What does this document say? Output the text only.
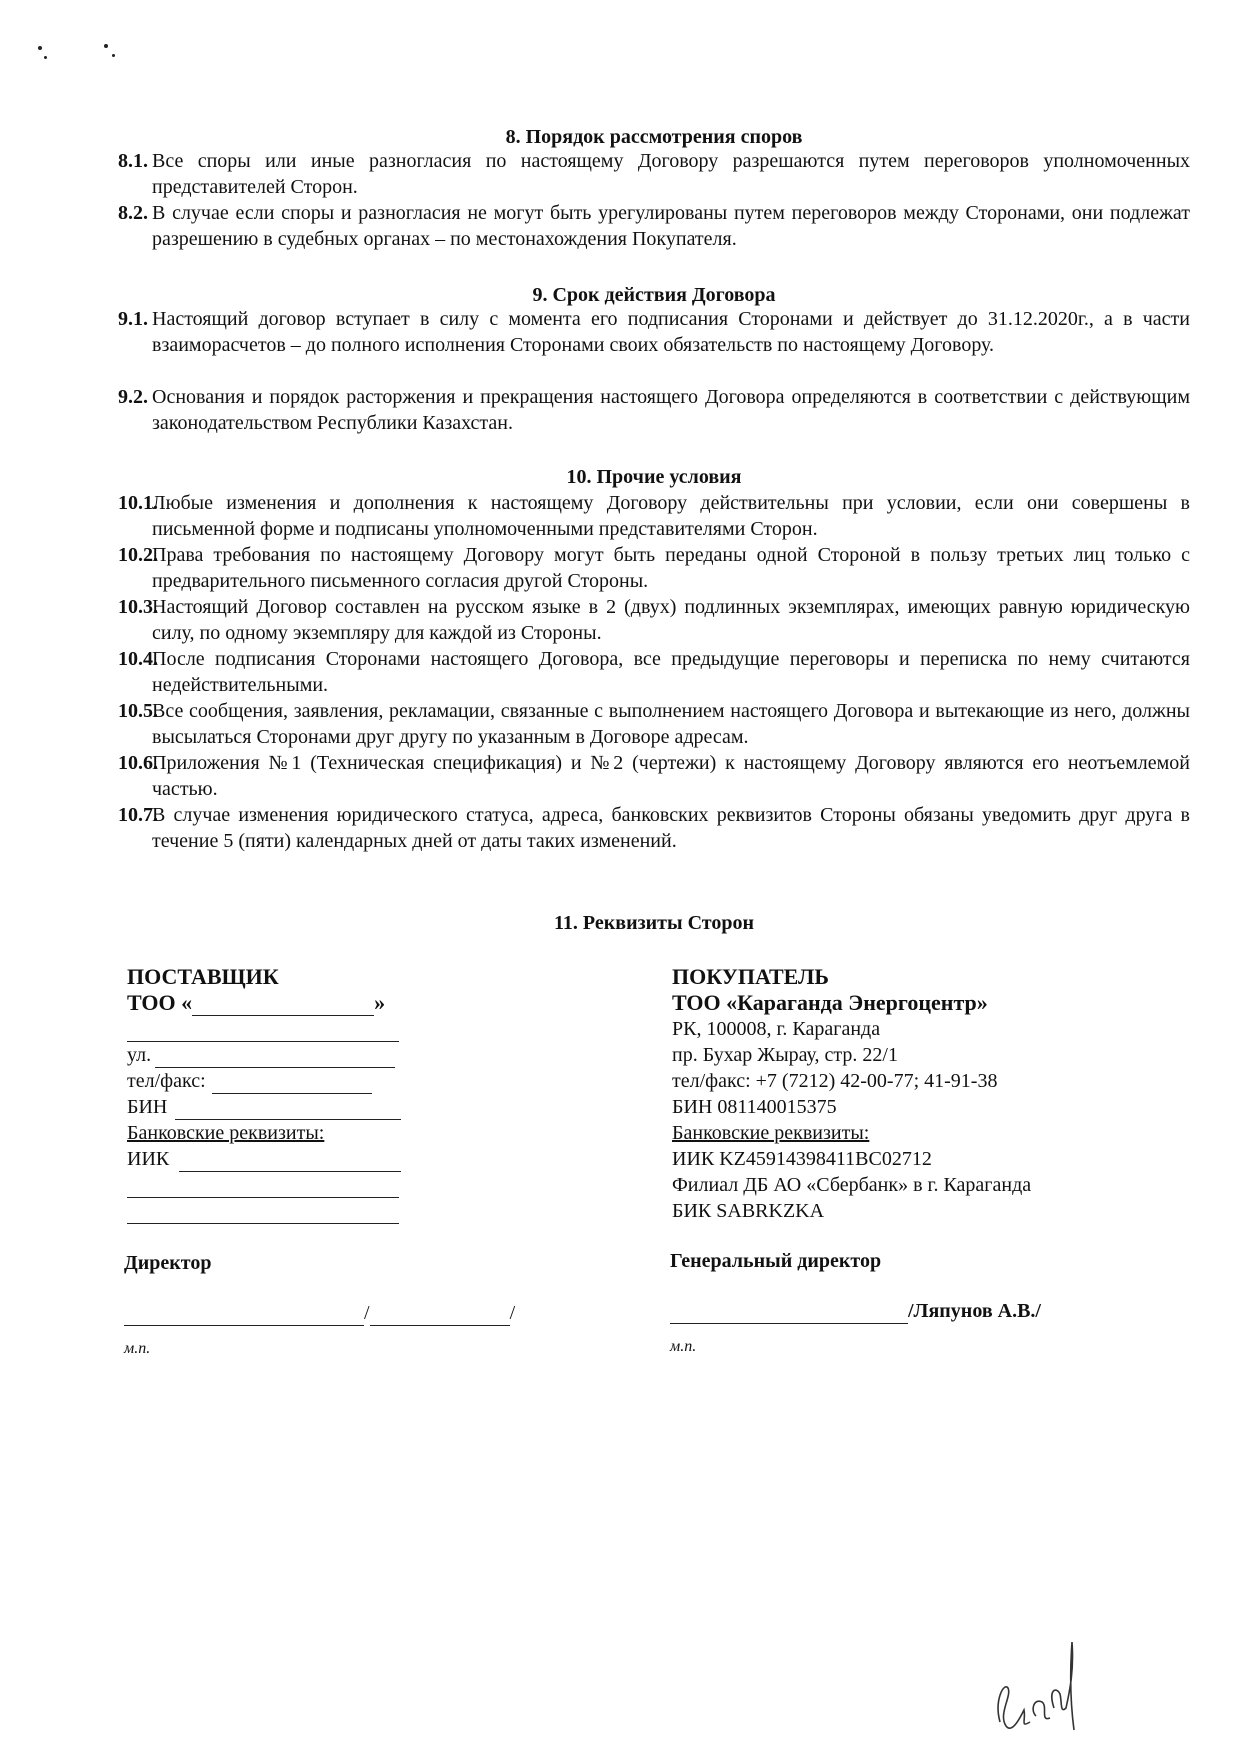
8. Порядок рассмотрения споров
8.1. Все споры или иные разногласия по настоящему Договору разрешаются путем переговоров уполномоченных представителей Сторон.
8.2. В случае если споры и разногласия не могут быть урегулированы путем переговоров между Сторонами, они подлежат разрешению в судебных органах – по местонахождения Покупателя.
9. Срок действия Договора
9.1. Настоящий договор вступает в силу с момента его подписания Сторонами и действует до 31.12.2020г., а в части взаиморасчетов – до полного исполнения Сторонами своих обязательств по настоящему Договору.
9.2. Основания и порядок расторжения и прекращения настоящего Договора определяются в соответствии с действующим законодательством Республики Казахстан.
10. Прочие условия
10.1.
Любые изменения и дополнения к настоящему Договору действительны при условии, если они совершены в письменной форме и подписаны уполномоченными представителями Сторон.
10.2.
Права требования по настоящему Договору могут быть переданы одной Стороной в пользу третьих лиц только с предварительного письменного согласия другой Стороны.
10.3.
Настоящий Договор составлен на русском языке в 2 (двух) подлинных экземплярах, имеющих равную юридическую силу, по одному экземпляру для каждой из Стороны.
10.4.
После подписания Сторонами настоящего Договора, все предыдущие переговоры и переписка по нему считаются недействительными.
10.5.
Все сообщения, заявления, рекламации, связанные с выполнением настоящего Договора и вытекающие из него, должны высылаться Сторонами друг другу по указанным в Договоре адресам.
10.6.
Приложения №1 (Техническая спецификация) и №2 (чертежи) к настоящему Договору являются его неотъемлемой частью.
10.7.
В случае изменения юридического статуса, адреса, банковских реквизитов Стороны обязаны уведомить друг друга в течение 5 (пяти) календарных дней от даты таких изменений.
11. Реквизиты Сторон
ПОСТАВЩИК
ТОО «	»
ул.
тел/факс:
БИН
Банковские реквизиты:
ИИК
ПОКУПАТЕЛЬ
ТОО «Караганда Энергоцентр»
РК, 100008, г. Караганда
пр. Бухар Жырау, стр. 22/1
тел/факс: +7 (7212) 42-00-77; 41-91-38
БИН 081140015375
Банковские реквизиты:
ИИК KZ45914398411BC02712
Филиал ДБ АО «Сбербанк» в г. Караганда
БИК SABRKZKA
Директор
/	/
м.п.
Генеральный директор
/Ляпунов А.В./
м.п.
